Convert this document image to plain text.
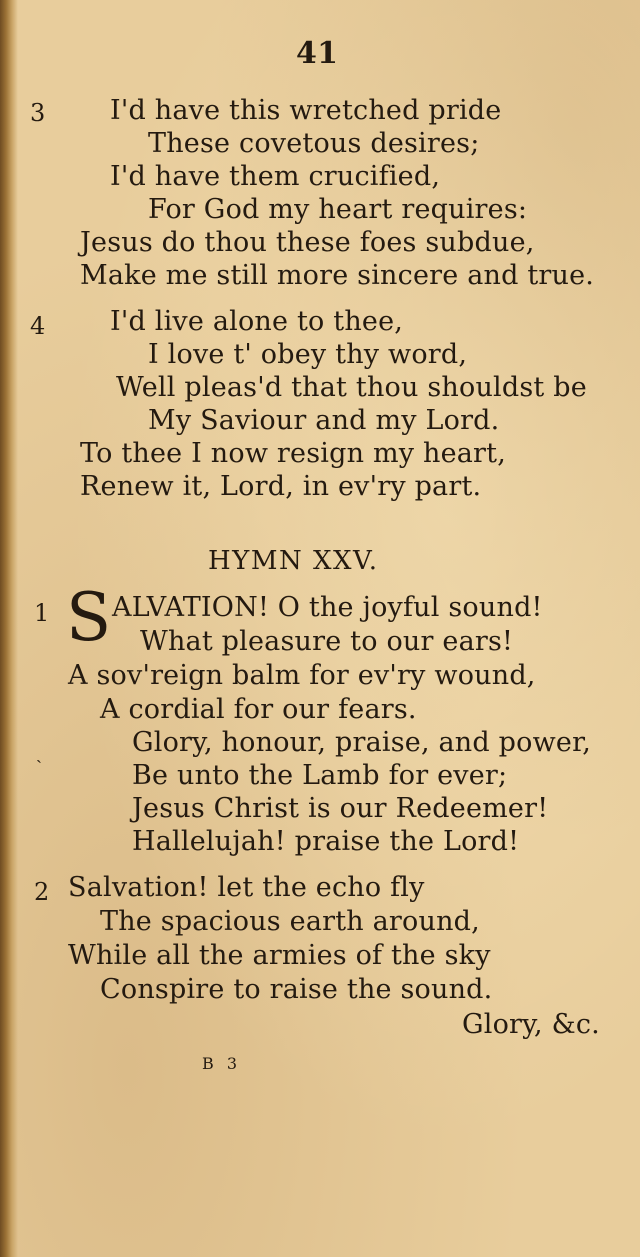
41
3 I'd have this wretched pride
These covetous desires;
I'd have them crucified,
For God my heart requires:
Jesus do thou these foes subdue,
Make me still more sincere and true.
4 I'd live alone to thee,
I love t' obey thy word,
Well pleas'd that thou shouldst be
My Saviour and my Lord.
To thee I now resign my heart,
Renew it, Lord, in ev'ry part.
HYMN XXV.
1 S ALVATION! O the joyful sound!
What pleasure to our ears!
A sov'reign balm for ev'ry wound,
A cordial for our fears.
ˎ	Glory, honour, praise, and power,
Be unto the Lamb for ever;
Jesus Christ is our Redeemer!
Hallelujah! praise the Lord!
2 Salvation! let the echo fly
The spacious earth around,
While all the armies of the sky
Conspire to raise the sound.
Glory, &c.
B 3
